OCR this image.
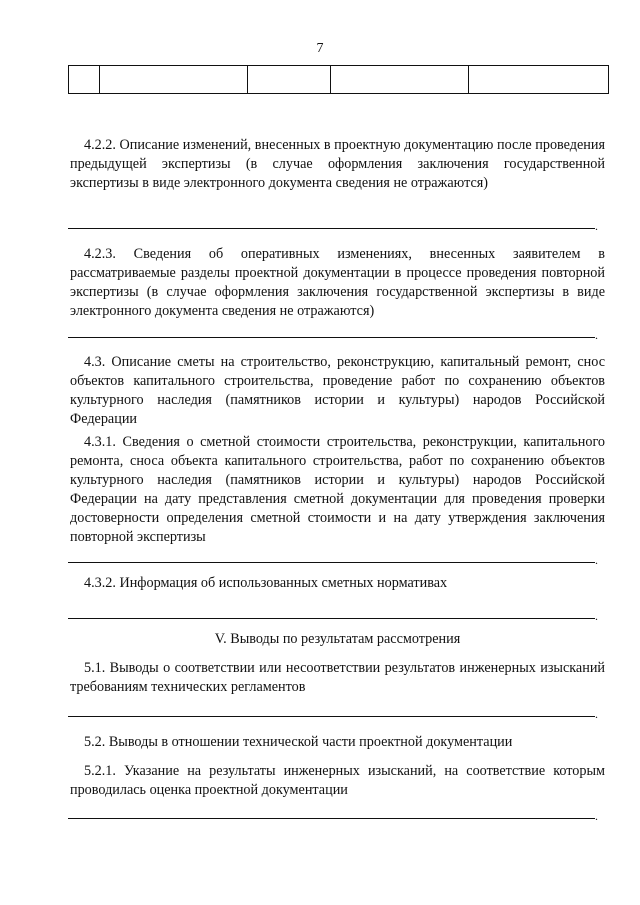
7

4.2.2. Описание изменений, внесенных в проектную документацию после проведения предыдущей экспертизы (в случае оформления заключения государственной экспертизы в виде электронного документа сведения не отражаются)

.

4.2.3. Сведения об оперативных изменениях, внесенных заявителем в рассматриваемые разделы проектной документации в процессе проведения повторной экспертизы (в случае оформления заключения государственной экспертизы в виде электронного документа сведения не отражаются)

.

4.3. Описание сметы на строительство, реконструкцию, капитальный ремонт, снос объектов капитального строительства, проведение работ по сохранению объектов культурного наследия (памятников истории и культуры) народов Российской Федерации

4.3.1. Сведения о сметной стоимости строительства, реконструкции, капитального ремонта, сноса объекта капитального строительства, работ по сохранению объектов культурного наследия (памятников истории и культуры) народов Российской Федерации на дату представления сметной документации для проведения проверки достоверности определения сметной стоимости и на дату утверждения заключения повторной экспертизы

.

4.3.2. Информация об использованных сметных нормативах

.

V. Выводы по результатам рассмотрения

5.1. Выводы о соответствии или несоответствии результатов инженерных изысканий требованиям технических регламентов

.

5.2. Выводы в отношении технической части проектной документации

5.2.1. Указание на результаты инженерных изысканий, на соответствие которым проводилась оценка проектной документации

.
